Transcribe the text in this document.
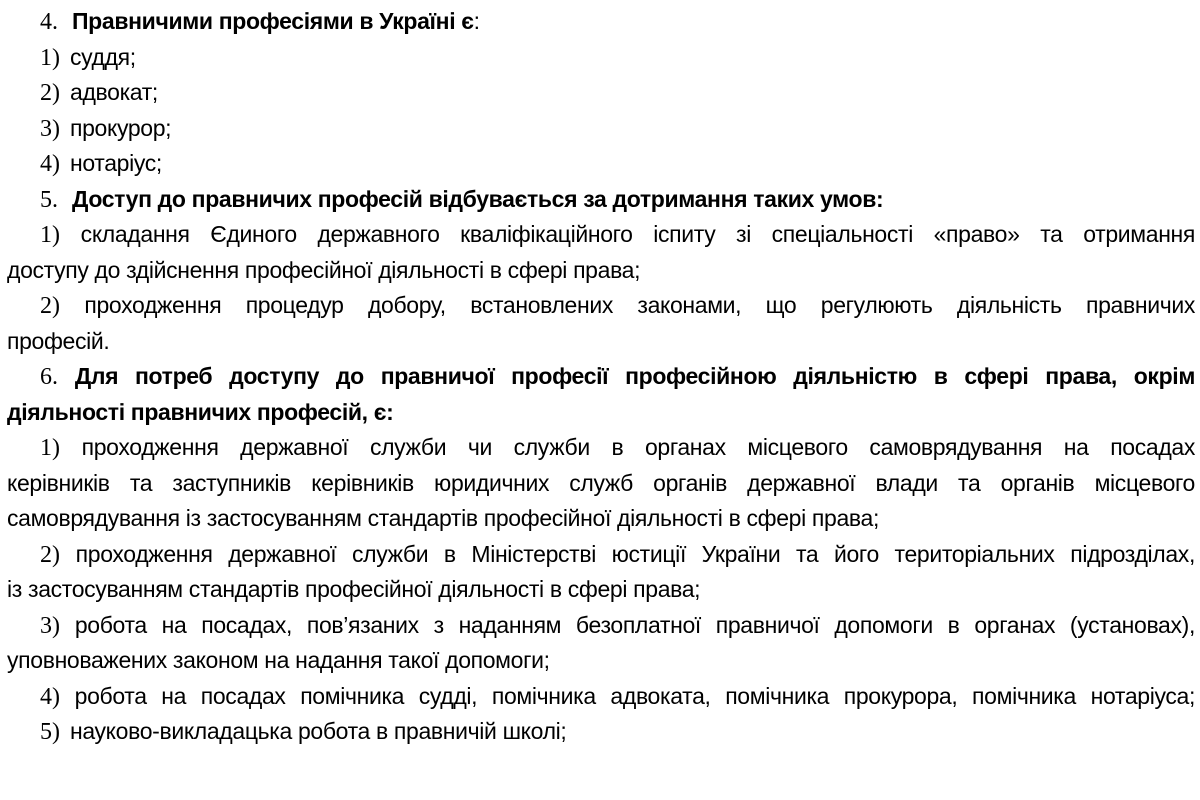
4. Правничими професіями в Україні є:
1) суддя;
2) адвокат;
3) прокурор;
4) нотаріус;
5. Доступ до правничих професій відбувається за дотримання таких умов:
1) складання Єдиного державного кваліфікаційного іспиту зі спеціальності «право» та отримання
доступу до здійснення професійної діяльності в сфері права;
2) проходження процедур добору, встановлених законами, що регулюють діяльність правничих
професій.
6. Для потреб доступу до правничої професії професійною діяльністю в сфері права, окрім
діяльності правничих професій, є:
1) проходження державної служби чи служби в органах місцевого самоврядування на посадах
керівників та заступників керівників юридичних служб органів державної влади та органів місцевого
самоврядування із застосуванням стандартів професійної діяльності в сфері права;
2) проходження державної служби в Міністерстві юстиції України та його територіальних підрозділах,
із застосуванням стандартів професійної діяльності в сфері права;
3) робота на посадах, пов’язаних з наданням безоплатної правничої допомоги в органах (установах),
уповноважених законом на надання такої допомоги;
4) робота на посадах помічника судді, помічника адвоката, помічника прокурора, помічника нотаріуса;
5) науково-викладацька робота в правничій школі;
